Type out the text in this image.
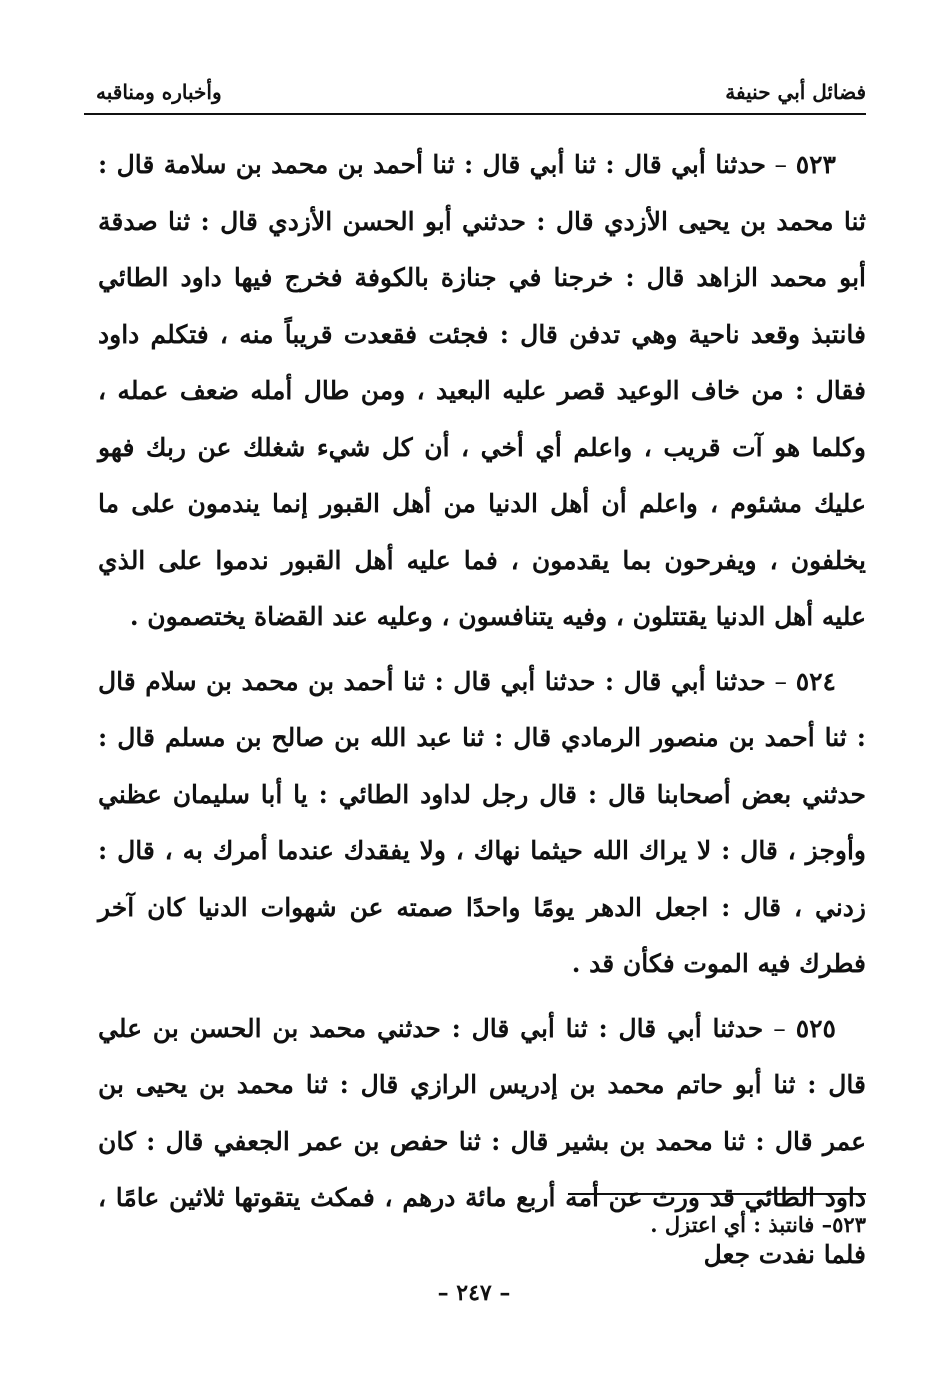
فضائل أبي حنيفة
وأخباره ومناقبه

٥٢٣ – حدثنا أبي قال : ثنا أبي قال : ثنا أحمد بن محمد بن سلامة قال : ثنا محمد بن يحيى الأزدي قال : حدثني أبو الحسن الأزدي قال : ثنا صدقة أبو محمد الزاهد قال : خرجنا في جنازة بالكوفة فخرج فيها داود الطائي فانتبذ وقعد ناحية وهي تدفن قال : فجئت فقعدت قريباً منه ، فتكلم داود فقال : من خاف الوعيد قصر عليه البعيد ، ومن طال أمله ضعف عمله ، وكلما هو آت قريب ، واعلم أي أخي ، أن كل شيء شغلك عن ربك فهو عليك مشئوم ، واعلم أن أهل الدنيا من أهل القبور إنما يندمون على ما يخلفون ، ويفرحون بما يقدمون ، فما عليه أهل القبور ندموا على الذي عليه أهل الدنيا يقتتلون ، وفيه يتنافسون ، وعليه عند القضاة يختصمون .

٥٢٤ – حدثنا أبي قال : حدثنا أبي قال : ثنا أحمد بن محمد بن سلام قال : ثنا أحمد بن منصور الرمادي قال : ثنا عبد الله بن صالح بن مسلم قال : حدثني بعض أصحابنا قال : قال رجل لداود الطائي : يا أبا سليمان عظني وأوجز ، قال : لا يراك الله حيثما نهاك ، ولا يفقدك عندما أمرك به ، قال : زدني ، قال : اجعل الدهر يومًا واحدًا صمته عن شهوات الدنيا كان آخر فطرك فيه الموت فكأن قد .

٥٢٥ – حدثنا أبي قال : ثنا أبي قال : حدثني محمد بن الحسن بن علي قال : ثنا أبو حاتم محمد بن إدريس الرازي قال : ثنا محمد بن يحيى بن عمر قال : ثنا محمد بن بشير قال : ثنا حفص بن عمر الجعفي قال : كان داود الطائي قد ورث عن أمه أربع مائة درهم ، فمكث يتقوتها ثلاثين عامًا ، فلما نفدت جعل

٥٢٣– فانتبذ : أي اعتزل .
– ٢٤٧ –
